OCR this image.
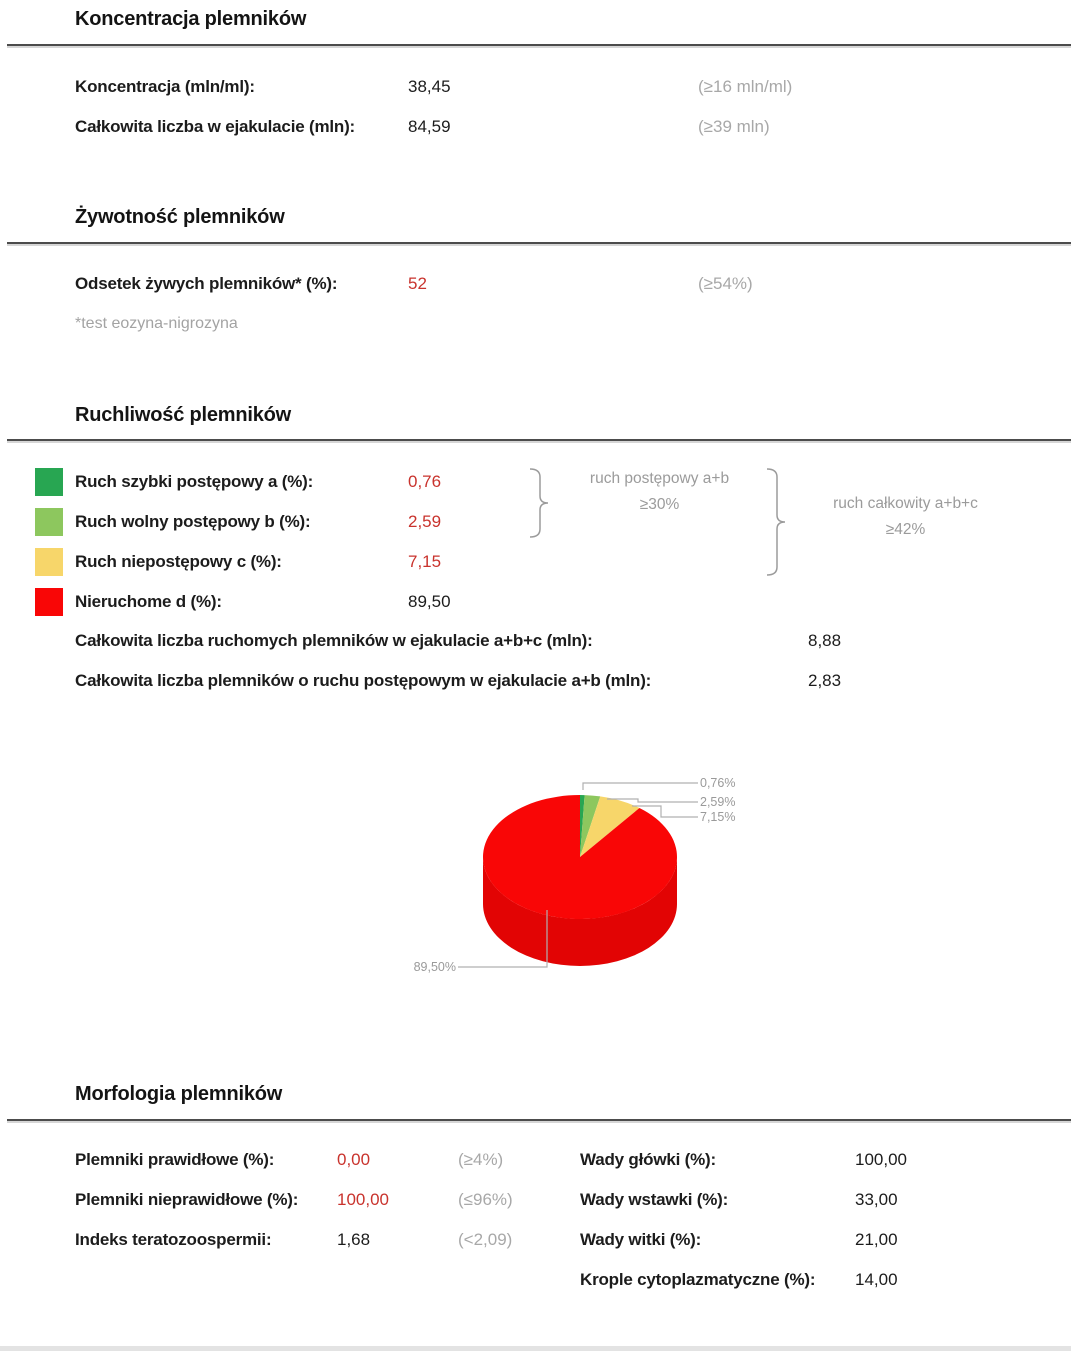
Koncentracja plemników
Koncentracja (mln/ml):	38,45	(≥16 mln/ml)
Całkowita liczba w ejakulacie (mln):	84,59	(≥39 mln)
Żywotność plemników
Odsetek żywych plemników* (%):	52	(≥54%)
*test eozyna-nigrozyna
Ruchliwość plemników
Ruch szybki postępowy a (%):	0,76
Ruch wolny postępowy b (%):	2,59
Ruch niepostępowy c (%):	7,15
Nieruchome d (%):	89,50
ruch postępowy a+b
≥30%	ruch całkowity a+b+c
≥42%
Całkowita liczba ruchomych plemników w ejakulacie a+b+c (mln):	8,88
Całkowita liczba plemników o ruchu postępowym w ejakulacie a+b (mln):	2,83
0,76%
2,59%
7,15%
89,50%
Morfologia plemników
Plemniki prawidłowe (%):	0,00	(≥4%)
Plemniki nieprawidłowe (%): 100,00	(≤96%)
Indeks teratozoospermii:	1,68	(<2,09)
Wady główki (%):	100,00
Wady wstawki (%):	33,00
Wady witki (%):	21,00
Krople cytoplazmatyczne (%): 14,00
